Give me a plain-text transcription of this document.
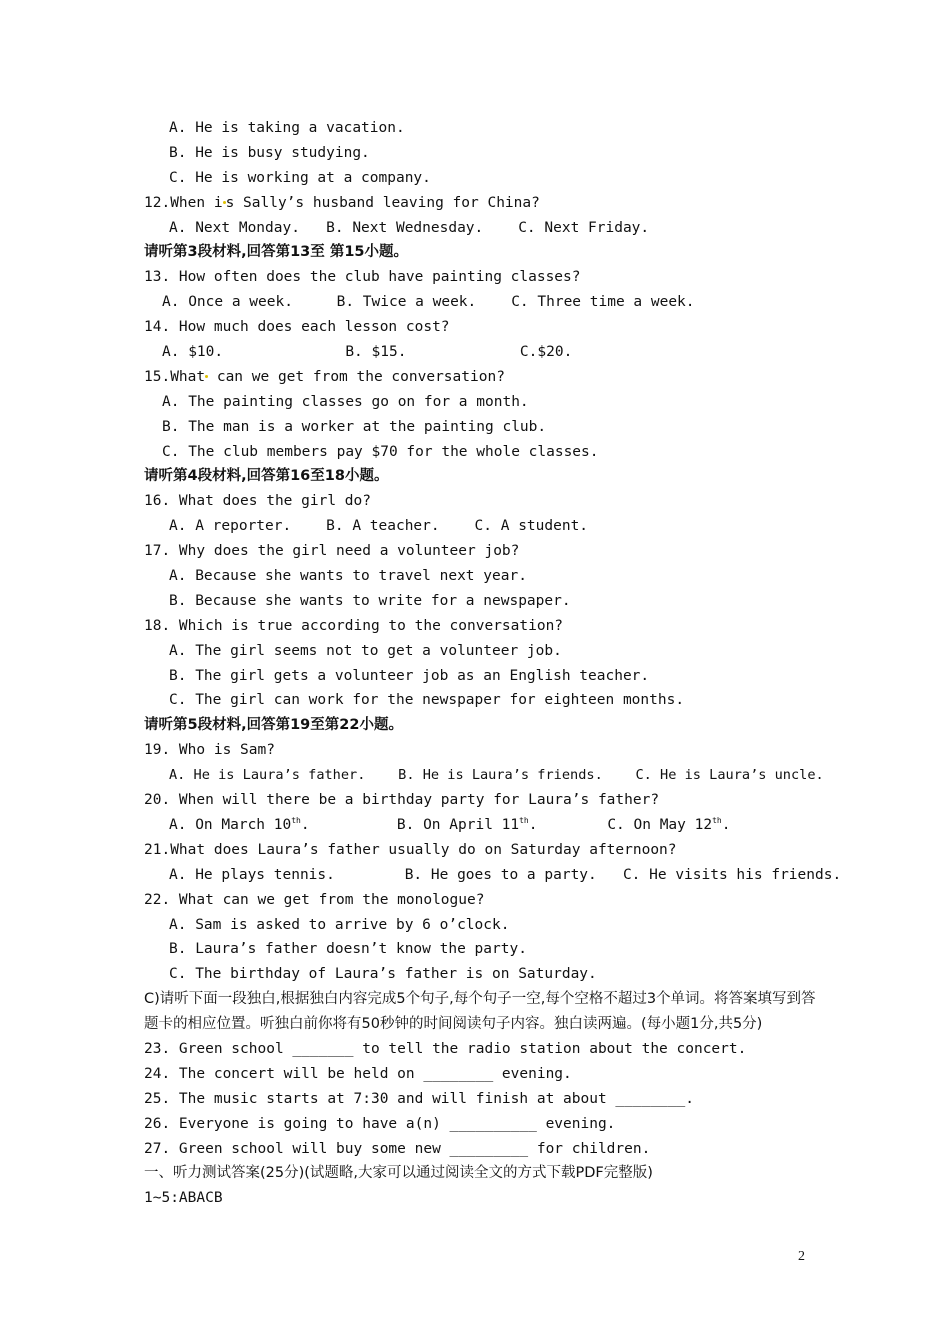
A. He is taking a vacation.
B. He is busy studying.
C. He is working at a company.
12.When i s Sally’s husband leaving for China?
A. Next Monday.   B. Next Wednesday.    C. Next Friday.
请听第3段材料,回答第13至 第15小题。
13. How often does the club have painting classes?
A. Once a week.     B. Twice a week.    C. Three time a week.
14. How much does each lesson cost?
A. $10.              B. $15.             C.$20.
15.What can we get from the conversation?
A. The painting classes go on for a month.
B. The man is a worker at the painting club.
C. The club members pay $70 for the whole classes.
请听第4段材料,回答第16至18小题。
16. What does the girl do?
A. A reporter.    B. A teacher.    C. A student.
17. Why does the girl need a volunteer job?
A. Because she wants to travel next year.
B. Because she wants to write for a newspaper.
18. Which is true according to the conversation?
A. The girl seems not to get a volunteer job.
B. The girl gets a volunteer job as an English teacher.
C. The girl can work for the newspaper for eighteen months.
请听第5段材料,回答第19至第22小题。
19. Who is Sam?
A. He is Laura’s father.    B. He is Laura’s friends.    C. He is Laura’s uncle.
20. When will there be a birthday party for Laura’s father?
A. On March 10th.          B. On April 11th.        C. On May 12th.
21.What does Laura’s father usually do on Saturday afternoon?
A. He plays tennis.        B. He goes to a party.   C. He visits his friends.
22. What can we get from the monologue?
A. Sam is asked to arrive by 6 o’clock.
B. Laura’s father doesn’t know the party.
C. The birthday of Laura’s father is on Saturday.
C)请听下面一段独白,根据独白内容完成5个句子,每个句子一空,每个空格不超过3个单词。将答案填写到答题卡的相应位置。听独白前你将有50秒钟的时间阅读句子内容。独白读两遍。(每小题1分,共5分)
23. Green school _______ to tell the radio station about the concert.
24. The concert will be held on ________ evening.
25. The music starts at 7:30 and will finish at about ________.
26. Everyone is going to have a(n) __________ evening.
27. Green school will buy some new _________ for children.
一、听力测试答案(25分)(试题略,大家可以通过阅读全文的方式下载PDF完整版)
1~5:ABACB
2
